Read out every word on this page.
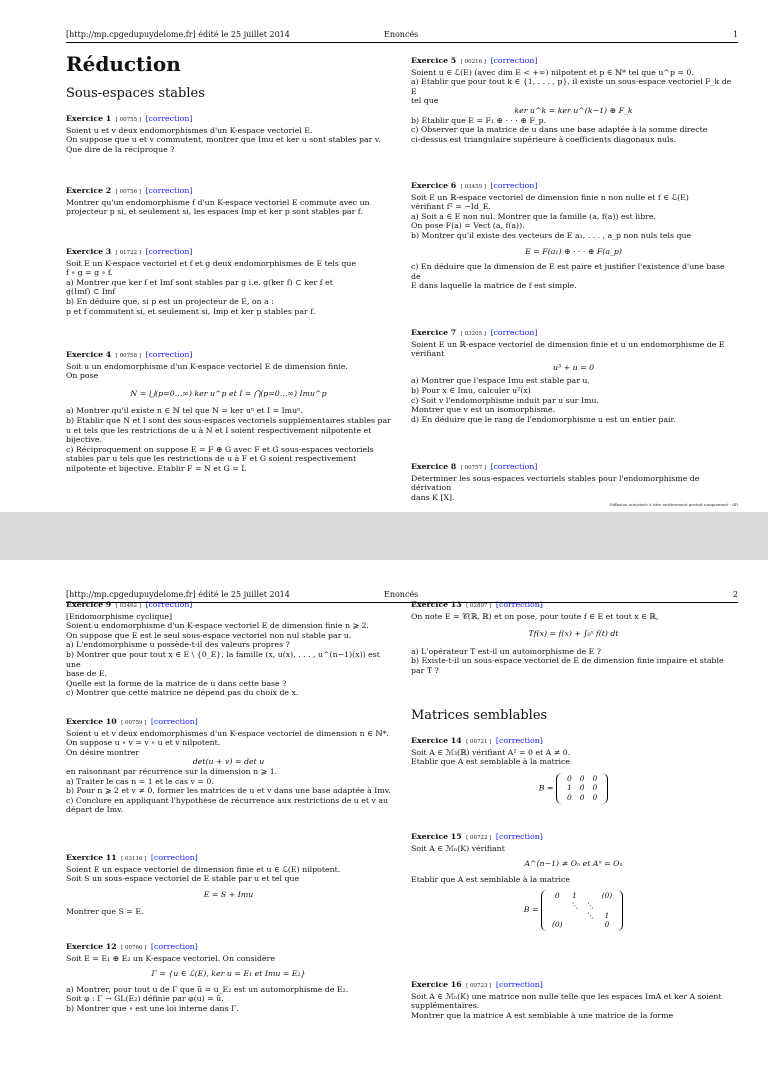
[http://mp.cpgedupuydelome.fr] édité le 25 juillet 2014	Enoncés	1
Réduction
Sous-espaces stables

Exercice 1 [ 00755 ] [correction]

Soient u et v deux endomorphismes d'un K-espace vectoriel E.

On suppose que u et v commutent, montrer que Imu et ker u sont stables par v.

Que dire de la réciproque ?

Exercice 2 [ 00756 ] [correction]

Montrer qu'un endomorphisme f d'un K-espace vectoriel E commute avec un

projecteur p si, et seulement si, les espaces Imp et ker p sont stables par f.

Exercice 3 [ 01722 ] [correction]

Soit E un K-espace vectoriel et f et g deux endomorphismes de E tels que

f ∘ g = g ∘ f.

a) Montrer que ker f et Imf sont stables par g i.e. g(ker f) ⊂ ker f et

g(Imf) ⊂ Imf

b) En déduire que, si p est un projecteur de E, on a :

p et f commutent si, et seulement si, Imp et ker p stables par f.

Exercice 4 [ 00758 ] [correction]

Soit u un endomorphisme d'un K-espace vectoriel E de dimension finie.

On pose

N = ⋃(p=0…∞) ker u^p et I = ⋂(p=0…∞) Imu^p

a) Montrer qu'il existe n ∈ ℕ tel que N = ker uⁿ et I = Imuⁿ.

b) Etablir que N et I sont des sous-espaces vectoriels supplémentaires stables par

u et tels que les restrictions de u à N et I soient respectivement nilpotente et

bijective.

c) Réciproquement on suppose E = F ⊕ G avec F et G sous-espaces vectoriels

stables par u tels que les restrictions de u à F et G soient respectivement

nilpotente et bijective. Etablir F = N et G = I.

Exercice 5 [ 00216 ] [correction]

Soient u ∈ ℒ(E) (avec dim E < +∞) nilpotent et p ∈ ℕ* tel que u^p = 0.

a) Etablir que pour tout k ∈ {1, . . . , p}, il existe un sous-espace vectoriel F_k de E

tel que

ker u^k = ker u^(k−1) ⊕ F_k

b) Etablir que E = F₁ ⊕ · · · ⊕ F_p.

c) Observer que la matrice de u dans une base adaptée à la somme directe

ci-dessus est triangulaire supérieure à coefficients diagonaux nuls.

Exercice 6 [ 03459 ] [correction]

Soit E un ℝ-espace vectoriel de dimension finie n non nulle et f ∈ ℒ(E)

vérifiant f² = −Id_E.

a) Soit a ∈ E non nul. Montrer que la famille (a, f(a)) est libre.

On pose F(a) = Vect (a, f(a)).

b) Montrer qu'il existe des vecteurs de E a₁, . . . , a_p non nuls tels que

E = F(a₁) ⊕ · · · ⊕ F(a_p)

c) En déduire que la dimension de E est paire et justifier l'existence d'une base de

E dans laquelle la matrice de f est simple.

Exercice 7 [ 03205 ] [correction]

Soient E un ℝ-espace vectoriel de dimension finie et u un endomorphisme de E

vérifiant

u³ + u = 0

a) Montrer que l'espace Imu est stable par u.

b) Pour x ∈ Imu, calculer u²(x)

c) Soit v l'endomorphisme induit par u sur Imu.

Montrer que v est un isomorphisme.

d) En déduire que le rang de l'endomorphisme u est un entier pair.

Exercice 8 [ 00757 ] [correction]

Déterminer les sous-espaces vectoriels stables pour l'endomorphisme de dérivation

dans K [X].

Diffusion autorisée à titre entièrement gratuit uniquement - dD
[http://mp.cpgedupuydelome.fr] édité le 25 juillet 2014	Enoncés	2

Exercice 9 [ 03462 ] [correction]

[Endomorphisme cyclique]

Soient u endomorphisme d'un K-espace vectoriel E de dimension finie n ⩾ 2.

On suppose que E est le seul sous-espace vectoriel non nul stable par u.

a) L'endomorphisme u possède-t-il des valeurs propres ?

b) Montrer que pour tout x ∈ E \ {0_E}, la famille (x, u(x), . . . , u^(n−1)(x)) est une

base de E.

Quelle est la forme de la matrice de u dans cette base ?

c) Montrer que cette matrice ne dépend pas du choix de x.

Exercice 10 [ 00759 ] [correction]

Soient u et v deux endomorphismes d'un K-espace vectoriel de dimension n ∈ ℕ*.

On suppose u ∘ v = v ∘ u et v nilpotent.

On désire montrer

det(u + v) = det u

en raisonnant par récurrence sur la dimension n ⩾ 1.

a) Traiter le cas n = 1 et le cas v = 0.

b) Pour n ⩾ 2 et v ≠ 0, former les matrices de u et v dans une base adaptée à Imv.

c) Conclure en appliquant l'hypothèse de récurrence aux restrictions de u et v au

départ de Imv.

Exercice 11 [ 03116 ] [correction]

Soient E un espace vectoriel de dimension finie et u ∈ ℒ(E) nilpotent.

Soit S un sous-espace vectoriel de E stable par u et tel que

E = S + Imu

Montrer que S = E.

Exercice 12 [ 00760 ] [correction]

Soit E = E₁ ⊕ E₂ un K-espace vectoriel. On considère

Γ = {u ∈ ℒ(E), ker u = E₁ et Imu = E₂}

a) Montrer, pour tout u de Γ que ũ = u_E₂ est un automorphisme de E₂.

Soit φ : Γ → GL(E₂) définie par φ(u) = ũ.

b) Montrer que ∘ est une loi interne dans Γ.

Exercice 13 [ 02897 ] [correction]

On note E = 𝒞(ℝ, ℝ) et on pose, pour toute f ∈ E et tout x ∈ ℝ,

Tf(x) = f(x) + ∫₀ˣ f(t) dt

a) L'opérateur T est-il un automorphisme de E ?

b) Existe-t-il un sous-espace vectoriel de E de dimension finie impaire et stable

par T ?

Matrices semblables

Exercice 14 [ 00721 ] [correction]

Soit A ∈ ℳ₃(ℝ) vérifiant A² = 0 et A ≠ 0.

Etablir que A est semblable à la matrice

B =
0	0	0
1	0	0
0	0	0

Exercice 15 [ 00722 ] [correction]

Soit A ∈ ℳₙ(K) vérifiant

A^(n−1) ≠ Oₙ et Aⁿ = Oₙ

Etablir que A est semblable à la matrice

B =
0	1		(0)
	⋱	⋱	
		⋱	1
(0)			0

Exercice 16 [ 00723 ] [correction]

Soit A ∈ ℳₙ(K) une matrice non nulle telle que les espaces ImA et ker A soient

supplémentaires.

Montrer que la matrice A est semblable à une matrice de la forme
